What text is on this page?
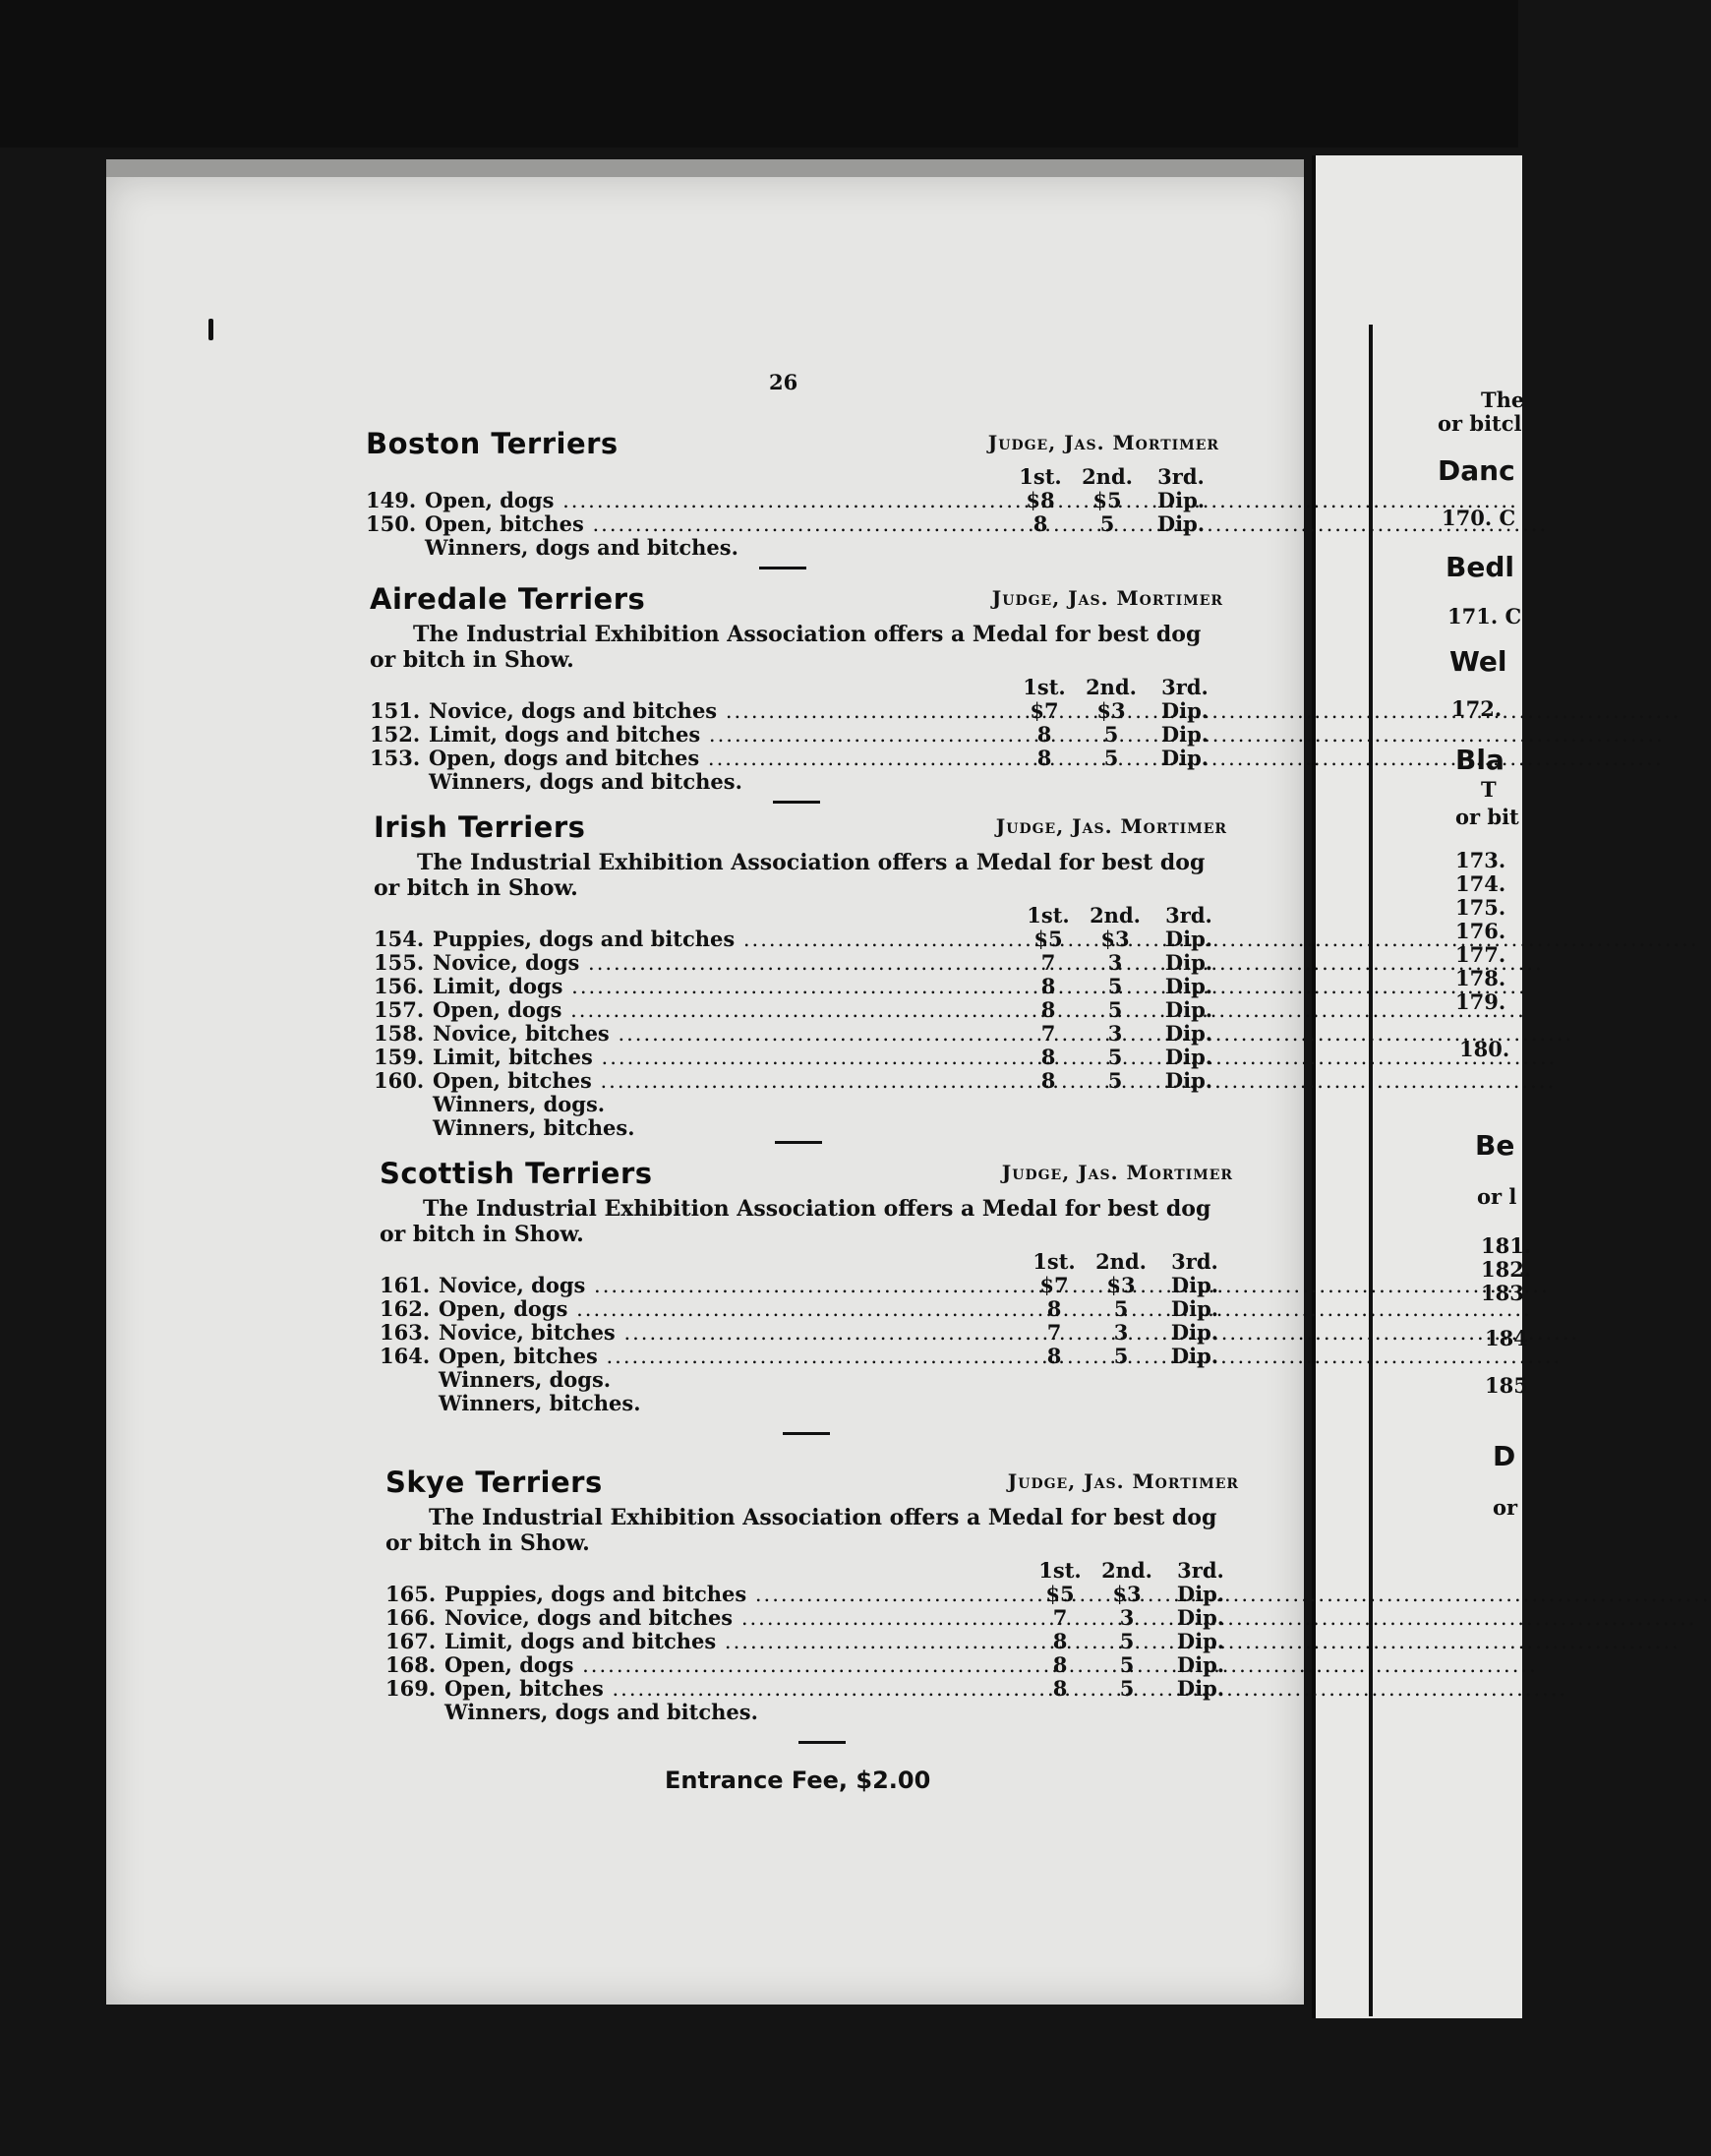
26
Boston Terriers	Judge, Jas. Mortimer
1st. 2nd. 3rd.
149. Open, dogs .....	$8	$5	Dip.
150. Open, bitches .....	8	5	Dip.
Winners, dogs and bitches.
Airedale Terriers	Judge, Jas. Mortimer
The Industrial Exhibition Association offers a Medal for best dog or bitch in Show.
1st. 2nd. 3rd.
151. Novice, dogs and bitches .....	$7	$3	Dip.
152. Limit, dogs and bitches .....	8	5	Dip.
153. Open, dogs and bitches .....	8	5	Dip.
Winners, dogs and bitches.
Irish Terriers	Judge, Jas. Mortimer
The Industrial Exhibition Association offers a Medal for best dog or bitch in Show.
1st. 2nd. 3rd.
154. Puppies, dogs and bitches .....	$5	$3	Dip.
155. Novice, dogs .....	7	3	Dip.
156. Limit, dogs .....	8	5	Dip.
157. Open, dogs .....	8	5	Dip.
158. Novice, bitches .....	7	3	Dip.
159. Limit, bitches .....	8	5	Dip.
160. Open, bitches .....	8	5	Dip.
Winners, dogs.
Winners, bitches.
Scottish Terriers	Judge, Jas. Mortimer
The Industrial Exhibition Association offers a Medal for best dog or bitch in Show.
1st. 2nd. 3rd.
161. Novice, dogs .....	$7	$3	Dip.
162. Open, dogs .....	8	5	Dip.
163. Novice, bitches .....	7	3	Dip.
164. Open, bitches .....	8	5	Dip.
Winners, dogs.
Winners, bitches.
Skye Terriers	Judge, Jas. Mortimer
The Industrial Exhibition Association offers a Medal for best dog or bitch in Show.
1st. 2nd. 3rd.
165. Puppies, dogs and bitches .....	$5	$3	Dip.
166. Novice, dogs and bitches .....	7	3	Dip.
167. Limit, dogs and bitches .....	8	5	Dip.
168. Open, dogs .....	8	5	Dip.
169. Open, bitches .....	8	5	Dip.
Winners, dogs and bitches.
Entrance Fee, $2.00
The
or bitcl
Danc
170. C
Bedl
171. C
Wel
172.
Bla
T
or bit
173.
174.
175.
176.
177.
178.
179.
180.
Be
or l
181.
182.
183
184
185
D
or
